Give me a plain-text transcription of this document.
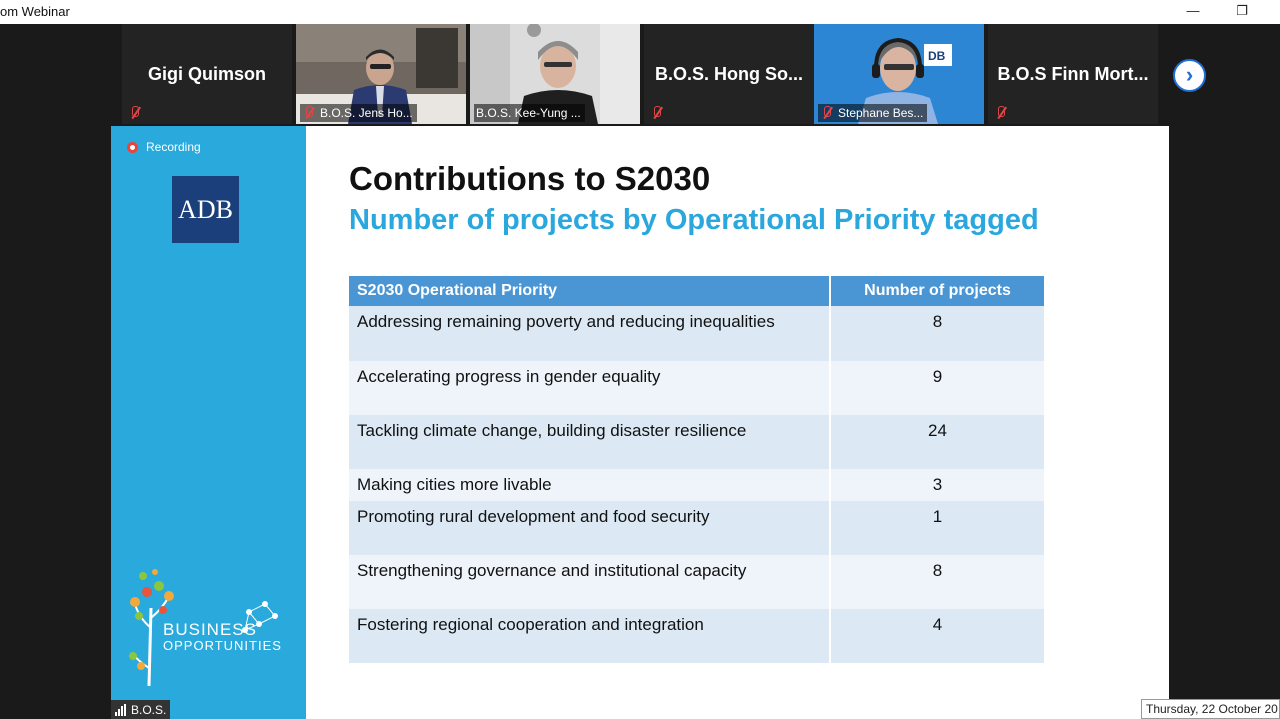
om Webinar	—	❐
Gigi Quimson
B.O.S. Jens Ho...	B.O.S. Kee-Yung ...
B.O.S. Hong So...
DB
Stephane Bes...
B.O.S Finn Mort...	›
Recording
ADB
BUSINESS
OPPORTUNITIES
Contributions to S2030
Number of projects by Operational Priority tagged
S2030 Operational Priority	Number of projects
Addressing remaining poverty and reducing inequalities	8
Accelerating progress in gender equality	9
Tackling climate change, building disaster resilience	24
Making cities more livable	3
Promoting rural development and food security	1
Strengthening governance and institutional capacity	8
Fostering regional cooperation and integration	4
B.O.S.	Thursday, 22 October 20
